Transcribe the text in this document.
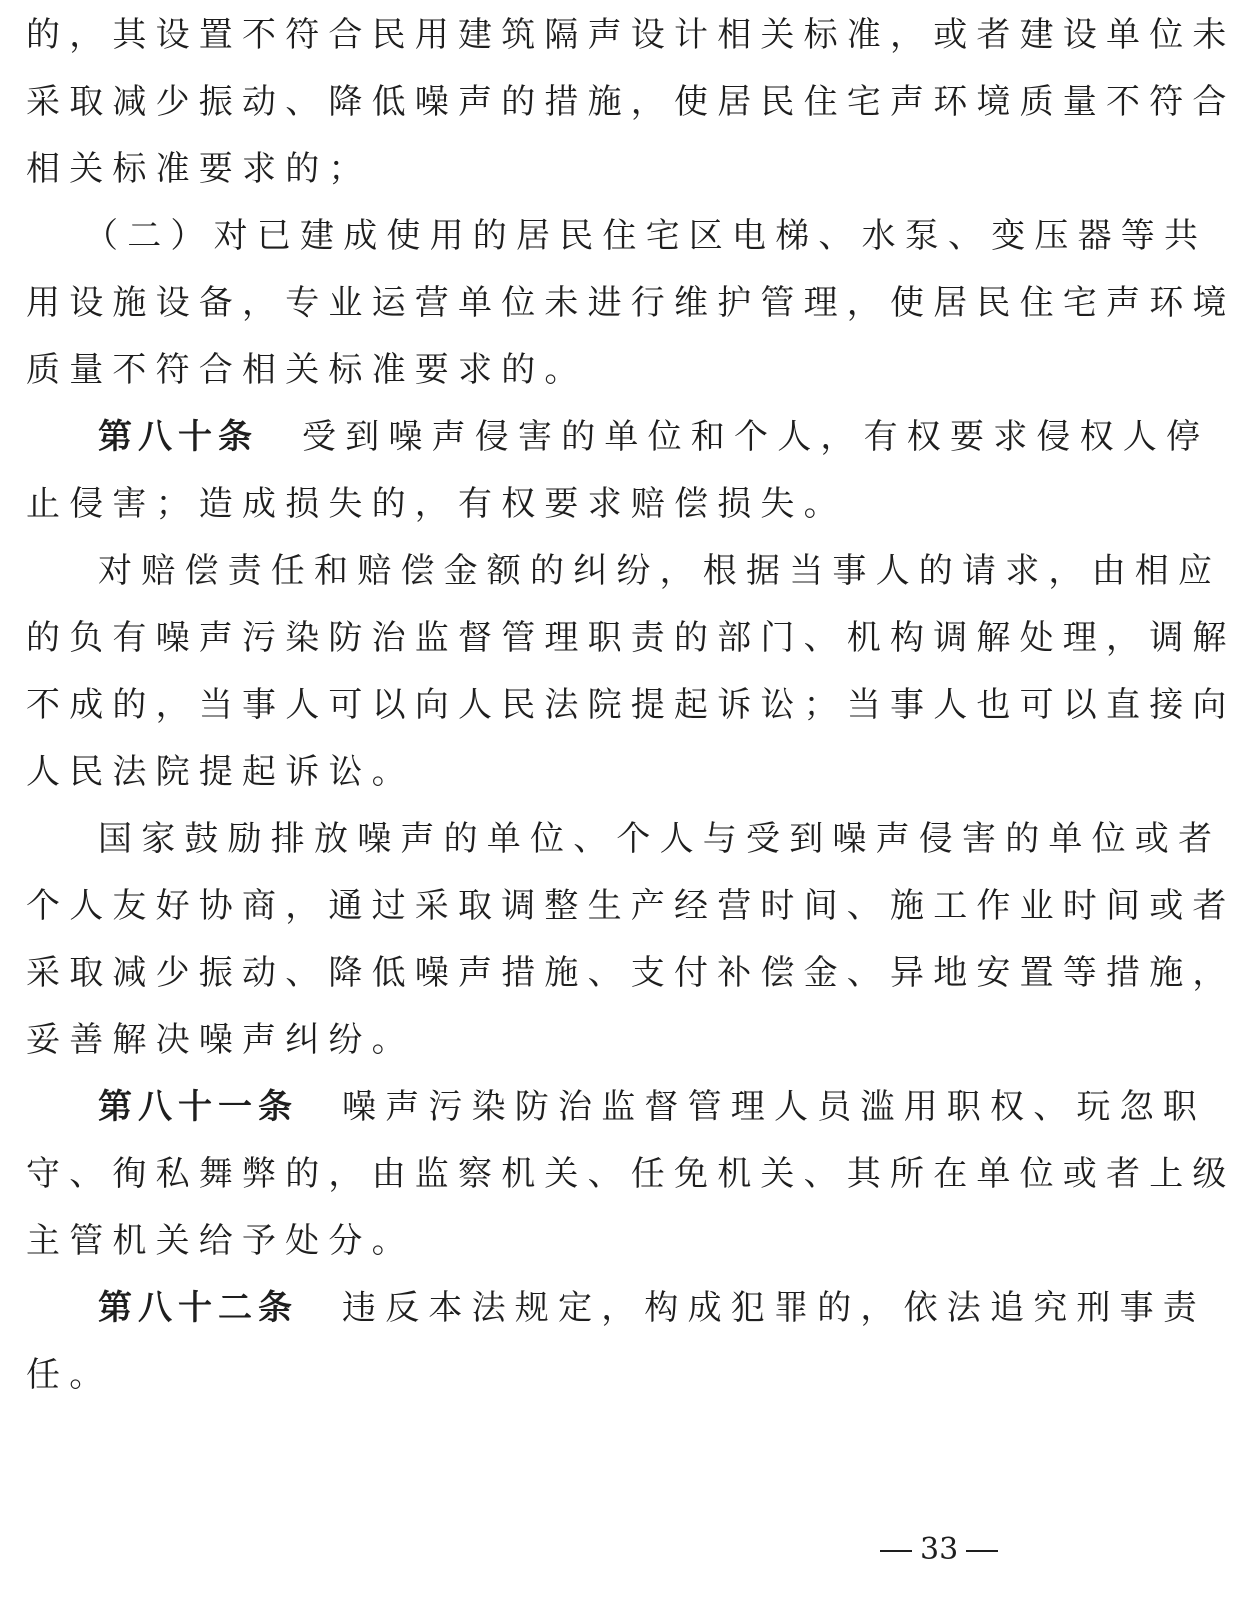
的，其设置不符合民用建筑隔声设计相关标准，或者建设单位未
采取减少振动、降低噪声的措施，使居民住宅声环境质量不符合
相关标准要求的；
（二）对已建成使用的居民住宅区电梯、水泵、变压器等共
用设施设备，专业运营单位未进行维护管理，使居民住宅声环境
质量不符合相关标准要求的。
第八十条 受到噪声侵害的单位和个人，有权要求侵权人停
止侵害；造成损失的，有权要求赔偿损失。
对赔偿责任和赔偿金额的纠纷，根据当事人的请求，由相应
的负有噪声污染防治监督管理职责的部门、机构调解处理，调解
不成的，当事人可以向人民法院提起诉讼；当事人也可以直接向
人民法院提起诉讼。
国家鼓励排放噪声的单位、个人与受到噪声侵害的单位或者
个人友好协商，通过采取调整生产经营时间、施工作业时间或者
采取减少振动、降低噪声措施、支付补偿金、异地安置等措施，
妥善解决噪声纠纷。
第八十一条 噪声污染防治监督管理人员滥用职权、玩忽职
守、徇私舞弊的，由监察机关、任免机关、其所在单位或者上级
主管机关给予处分。
第八十二条 违反本法规定，构成犯罪的，依法追究刑事责
任。
33
